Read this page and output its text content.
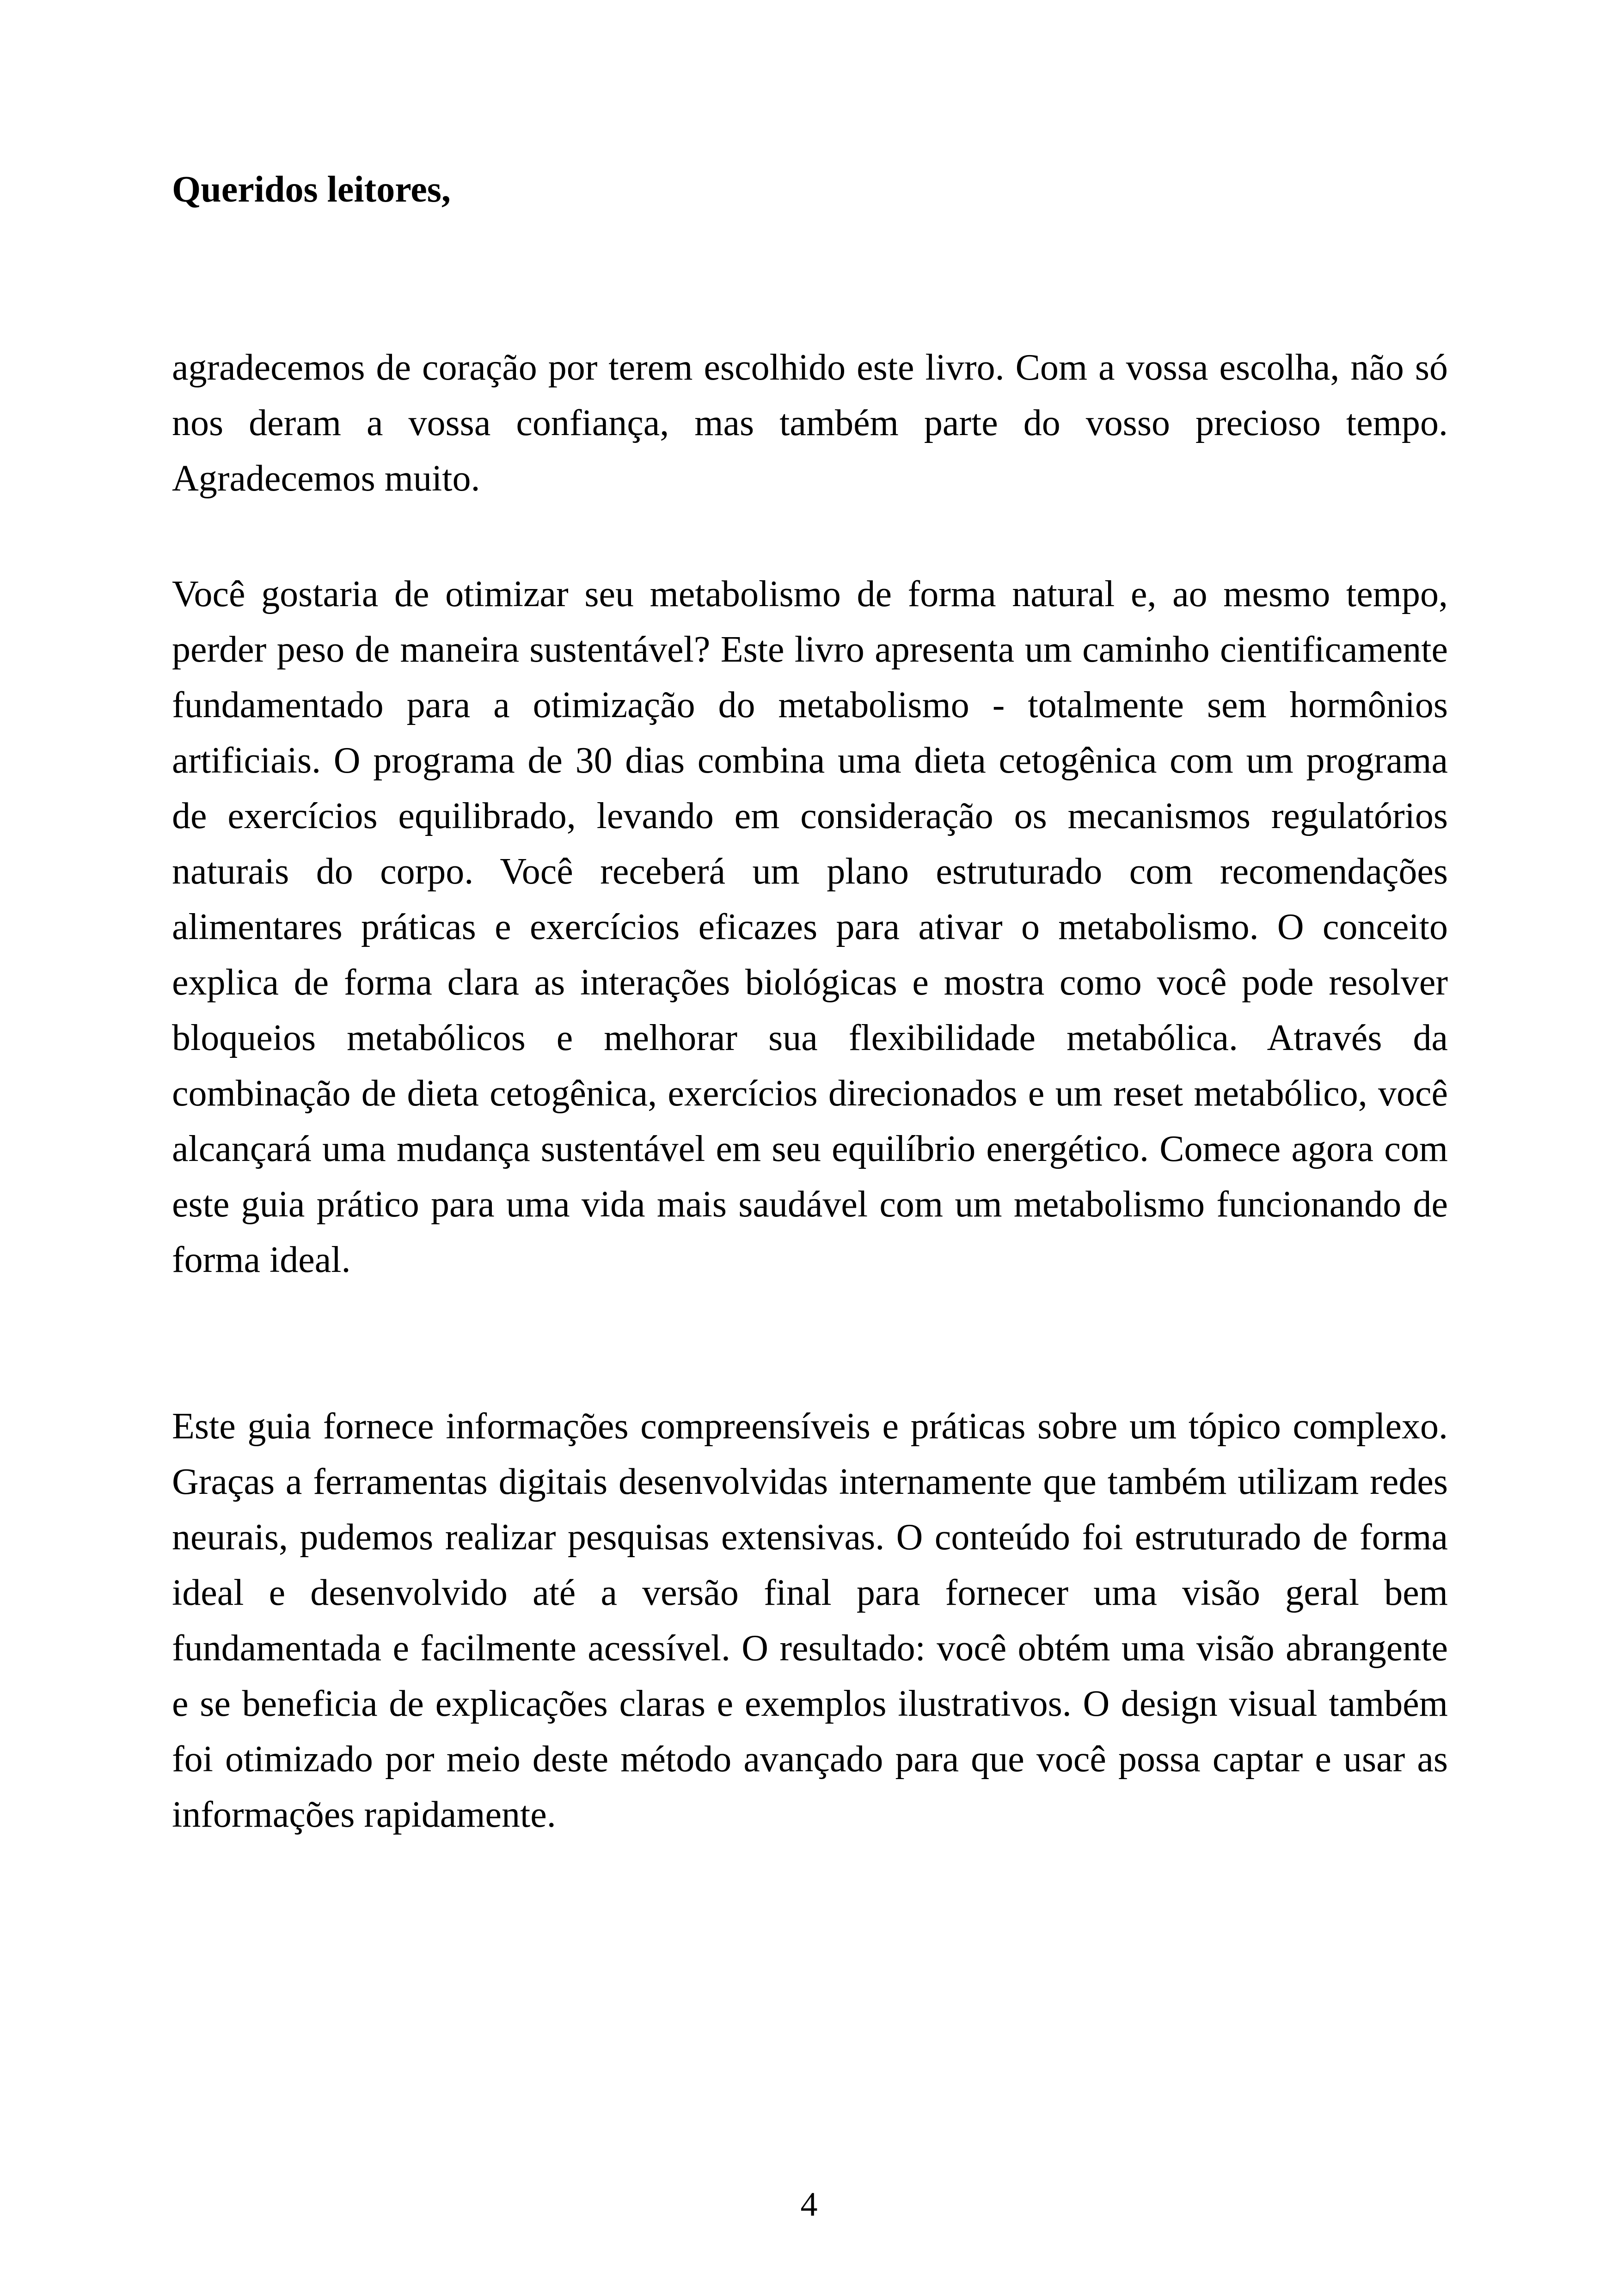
Queridos leitores,

agradecemos de coração por terem escolhido este livro. Com a vossa escolha, não só nos deram a vossa confiança, mas também parte do vosso precioso tempo. Agradecemos muito.

Você gostaria de otimizar seu metabolismo de forma natural e, ao mesmo tempo, perder peso de maneira sustentável? Este livro apresenta um caminho cientificamente fundamentado para a otimização do metabolismo - totalmente sem hormônios artificiais. O programa de 30 dias combina uma dieta cetogênica com um programa de exercícios equilibrado, levando em consideração os mecanismos regulatórios naturais do corpo. Você receberá um plano estruturado com recomendações alimentares práticas e exercícios eficazes para ativar o metabolismo. O conceito explica de forma clara as interações biológicas e mostra como você pode resolver bloqueios metabólicos e melhorar sua flexibilidade metabólica. Através da combinação de dieta cetogênica, exercícios direcionados e um reset metabólico, você alcançará uma mudança sustentável em seu equilíbrio energético. Comece agora com este guia prático para uma vida mais saudável com um metabolismo funcionando de forma ideal.

Este guia fornece informações compreensíveis e práticas sobre um tópico complexo. Graças a ferramentas digitais desenvolvidas internamente que também utilizam redes neurais, pudemos realizar pesquisas extensivas. O conteúdo foi estruturado de forma ideal e desenvolvido até a versão final para fornecer uma visão geral bem fundamentada e facilmente acessível. O resultado: você obtém uma visão abrangente e se beneficia de explicações claras e exemplos ilustrativos. O design visual também foi otimizado por meio deste método avançado para que você possa captar e usar as informações rapidamente.

4
